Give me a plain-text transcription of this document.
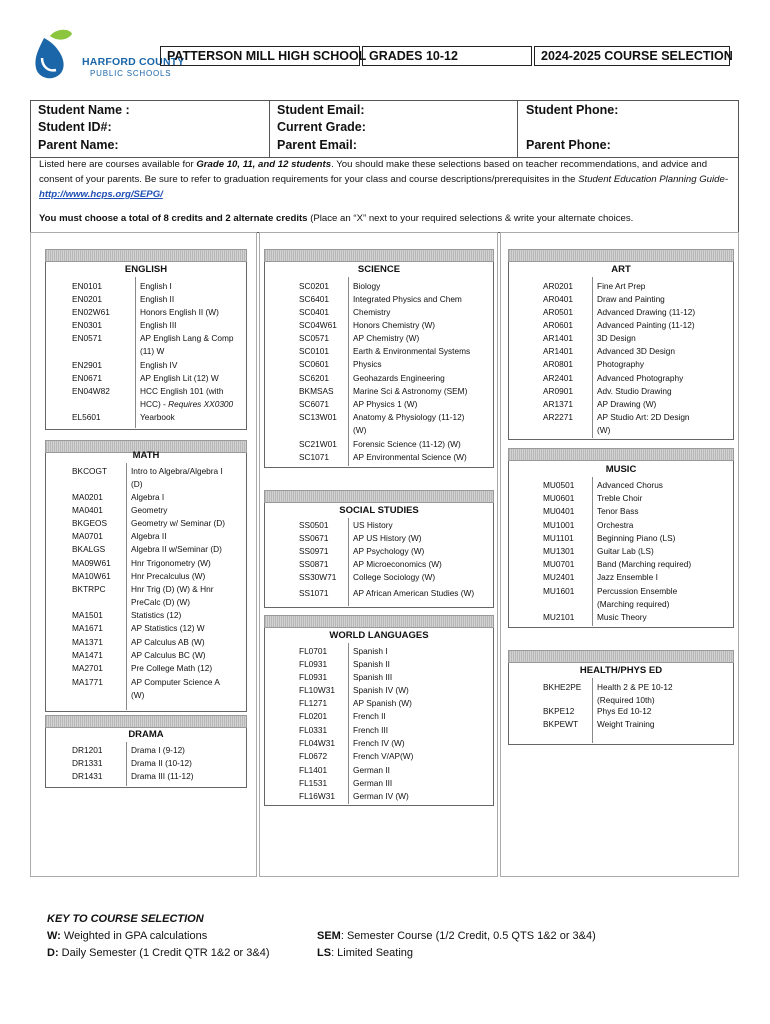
HARFORD COUNTY
PUBLIC SCHOOLS
PATTERSON MILL HIGH SCHOOL GRADES 10-12	2024-2025 COURSE SELECTION
Student Name :
Student ID#:
Parent Name:
Student Email:
Current Grade:
Parent Email:
Student Phone:
Parent Phone:
Listed here are courses available for Grade 10, 11, and 12 students. You should make these selections based on teacher recommendations, and advice and consent of your parents. Be sure to refer to graduation requirements for your class and course descriptions/prerequisites in the Student Education Planning Guide- http://www.hcps.org/SEPG/
You must choose a total of 8 credits and 2 alternate credits (Place an “X” next to your required selections & write your alternate choices.
ENGLISH
EN0101	English I
EN0201	English II
EN02W61	Honors English II (W)
EN0301	English III
EN0571	AP English Lang & Comp
(11) W
EN2901	English IV
EN0671	AP English Lit (12) W
EN04W82	HCC English 101 (with
HCC) - Requires XX0300
EL5601	Yearbook
MATH
BKCOGT	Intro to Algebra/Algebra I
(D)
MA0201	Algebra I
MA0401	Geometry
BKGEOS	Geometry w/ Seminar (D)
MA0701	Algebra II
BKALGS	Algebra II w/Seminar (D)
MA09W61 Hnr Trigonometry (W)
MA10W61 Hnr Precalculus (W)
BKTRPC	Hnr Trig (D) (W) & Hnr
PreCalc (D) (W)
MA1501	Statistics (12)
MA1671	AP Statistics (12) W
MA1371	AP Calculus AB (W)
MA1471	AP Calculus BC (W)
MA2701	Pre College Math (12)
MA1771	AP Computer Science A
(W)
DRAMA
DR1201	Drama I (9-12)
DR1331	Drama II (10-12)
DR1431	Drama III (11-12)
SCIENCE
SC0201	Biology
SC6401	Integrated Physics and Chem
SC0401	Chemistry
SC04W61 Honors Chemistry (W)
SC0571	AP Chemistry (W)
SC0101	Earth & Environmental Systems
SC0601	Physics
SC6201	Geohazards Engineering
BKMSAS Marine Sci & Astronomy (SEM)
SC6071	AP Physics 1 (W)
SC13W01 Anatomy & Physiology (11-12)
(W)
SC21W01 Forensic Science (11-12) (W)
SC1071	AP Environmental Science (W)
SOCIAL STUDIES
SS0501	US History
SS0671	AP US History (W)
SS0971	AP Psychology (W)
SS0871	AP Microeconomics (W)
SS30W71 College Sociology (W)
SS1071	AP African American Studies (W)
WORLD LANGUAGES
FL0701	Spanish I
FL0931	Spanish II
FL0931	Spanish III
FL10W31 Spanish IV (W)
FL1271	AP Spanish (W)
FL0201	French II
FL0331	French III
FL04W31 French IV (W)
FL0672	French V/AP(W)
FL1401	German II
FL1531	German III
FL16W31 German IV (W)
ART
AR0201	Fine Art Prep
AR0401	Draw and Painting
AR0501	Advanced Drawing (11-12)
AR0601	Advanced Painting (11-12)
AR1401	3D Design
AR1401	Advanced 3D Design
AR0801	Photography
AR2401	Advanced Photography
AR0901	Adv. Studio Drawing
AR1371	AP Drawing (W)
AR2271	AP Studio Art: 2D Design
(W)
MUSIC
MU0501	Advanced Chorus
MU0601	Treble Choir
MU0401	Tenor Bass
MU1001	Orchestra
MU1101	Beginning Piano (LS)
MU1301	Guitar Lab (LS)
MU0701	Band (Marching required)
MU2401	Jazz Ensemble I
MU1601	Percussion Ensemble
(Marching required)
MU2101	Music Theory
HEALTH/PHYS ED
BKHE2PE Health 2 & PE 10-12
(Required 10th)
BKPE12	Phys Ed 10-12
BKPEWT Weight Training
KEY TO COURSE SELECTION
W: Weighted in GPA calculations
D: Daily Semester (1 Credit QTR 1&2 or 3&4)
SEM: Semester Course (1/2 Credit, 0.5 QTS 1&2 or 3&4)
LS: Limited Seating
